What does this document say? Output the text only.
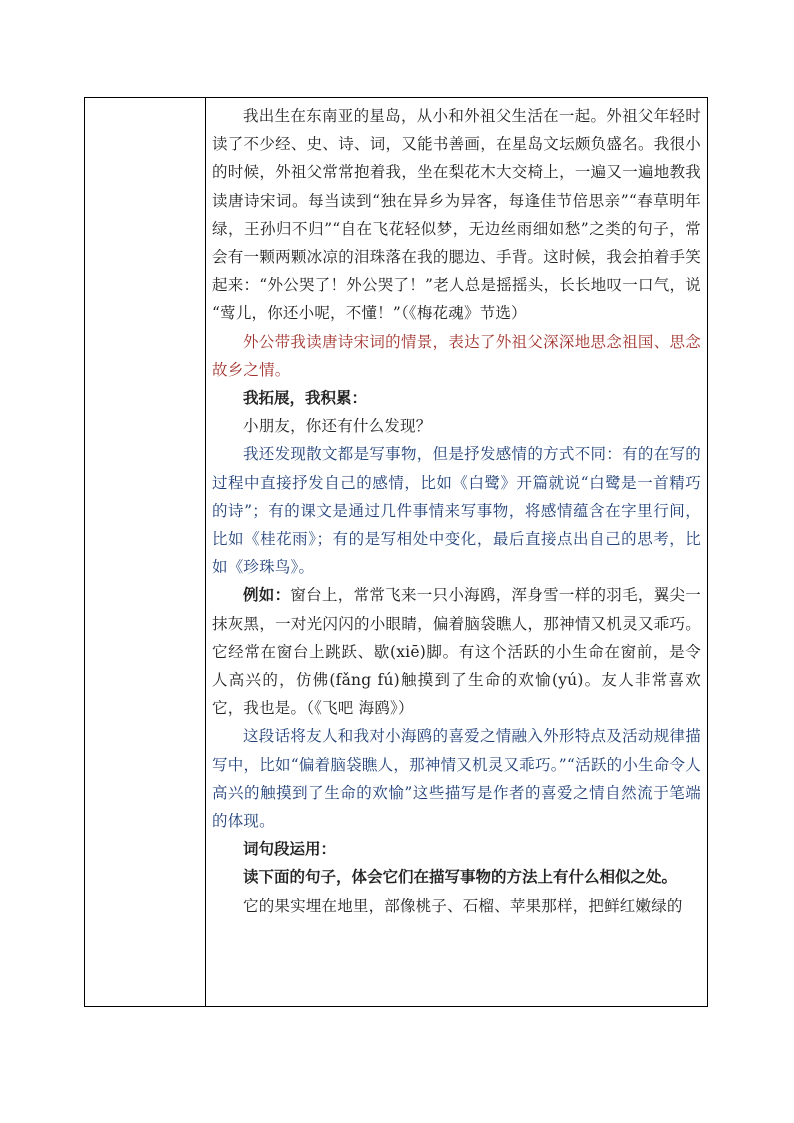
我出生在东南亚的星岛，从小和外祖父生活在一起。外祖父年轻时读了不少经、史、诗、词，又能书善画，在星岛文坛颇负盛名。我很小的时候，外祖父常常抱着我，坐在梨花木大交椅上，一遍又一遍地教我读唐诗宋词。每当读到“独在异乡为异客，每逢佳节倍思亲”“春草明年绿，王孙归不归”“自在飞花轻似梦，无边丝雨细如愁”之类的句子，常会有一颗两颗冰凉的泪珠落在我的腮边、手背。这时候，我会拍着手笑起来：“外公哭了！外公哭了！”老人总是摇摇头，长长地叹一口气，说 “莺儿，你还小呢，不懂！”（《梅花魂》节选）

外公带我读唐诗宋词的情景，表达了外祖父深深地思念祖国、思念故乡之情。

我拓展，我积累：

小朋友，你还有什么发现？

我还发现散文都是写事物，但是抒发感情的方式不同：有的在写的过程中直接抒发自己的感情，比如《白鹭》开篇就说“白鹭是一首精巧的诗”；有的课文是通过几件事情来写事物，将感情蕴含在字里行间，比如《桂花雨》；有的是写相处中变化，最后直接点出自己的思考，比如《珍珠鸟》。

例如：窗台上，常常飞来一只小海鸥，浑身雪一样的羽毛，翼尖一抹灰黑，一对光闪闪的小眼睛，偏着脑袋瞧人，那神情又机灵又乖巧。它经常在窗台上跳跃、歇(xiē)脚。有这个活跃的小生命在窗前，是令人高兴的，仿佛(fǎng fú)触摸到了生命的欢愉(yú)。友人非常喜欢它，我也是。（《飞吧 海鸥》）

这段话将友人和我对小海鸥的喜爱之情融入外形特点及活动规律描写中，比如“偏着脑袋瞧人，那神情又机灵又乖巧。”“活跃的小生命令人高兴的触摸到了生命的欢愉”这些描写是作者的喜爱之情自然流于笔端的体现。

词句段运用：

读下面的句子，体会它们在描写事物的方法上有什么相似之处。

它的果实埋在地里，部像桃子、石榴、苹果那样，把鲜红嫩绿的
